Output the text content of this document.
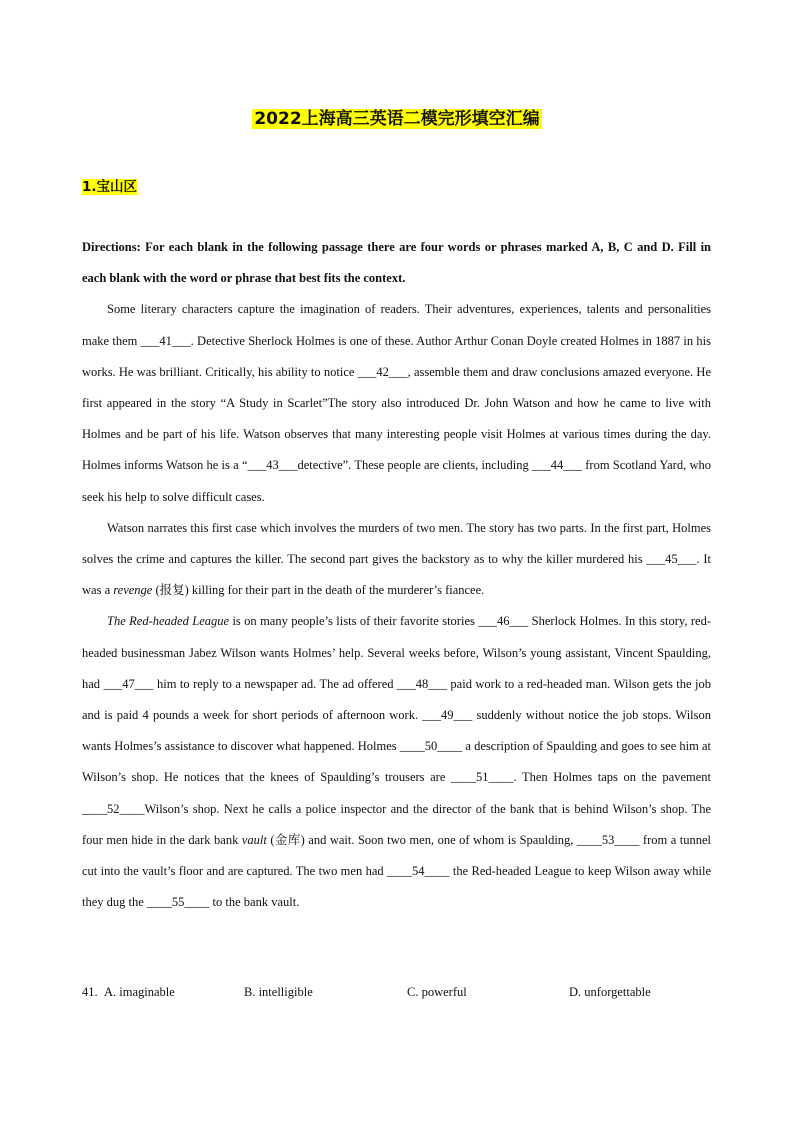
2022上海高三英语二模完形填空汇编
1.宝山区

Directions: For each blank in the following passage there are four words or phrases marked A, B, C and D. Fill in each blank with the word or phrase that best fits the context.

Some literary characters capture the imagination of readers. Their adventures, experiences, talents and personalities make them ___41___. Detective Sherlock Holmes is one of these. Author Arthur Conan Doyle created Holmes in 1887 in his works. He was brilliant. Critically, his ability to notice ___42___, assemble them and draw conclusions amazed everyone. He first appeared in the story “A Study in Scarlet”The story also introduced Dr. John Watson and how he came to live with Holmes and be part of his life. Watson observes that many interesting people visit Holmes at various times during the day. Holmes informs Watson he is a “___43___detective”. These people are clients, including ___44___ from Scotland Yard, who seek his help to solve difficult cases.

Watson narrates this first case which involves the murders of two men. The story has two parts. In the first part, Holmes solves the crime and captures the killer. The second part gives the backstory as to why the killer murdered his ___45___. It was a revenge (报复) killing for their part in the death of the murderer’s fiancee.

The Red-headed League is on many people’s lists of their favorite stories ___46___ Sherlock Holmes. In this story, red-headed businessman Jabez Wilson wants Holmes’ help. Several weeks before, Wilson’s young assistant, Vincent Spaulding, had ___47___ him to reply to a newspaper ad. The ad offered ___48___ paid work to a red-headed man. Wilson gets the job and is paid 4 pounds a week for short periods of afternoon work. ___49___ suddenly without notice the job stops. Wilson wants Holmes’s assistance to discover what happened. Holmes ____50____ a description of Spaulding and goes to see him at Wilson’s shop. He notices that the knees of Spaulding’s trousers are ____51____. Then Holmes taps on the pavement ____52____Wilson’s shop. Next he calls a police inspector and the director of the bank that is behind Wilson’s shop. The four men hide in the dark bank vault (金库) and wait. Soon two men, one of whom is Spaulding, ____53____ from a tunnel cut into the vault’s floor and are captured. The two men had ____54____ the Red-headed League to keep Wilson away while they dug the ____55____ to the bank vault.

41. A. imaginable	B. intelligible	C. powerful	D. unforgettable
